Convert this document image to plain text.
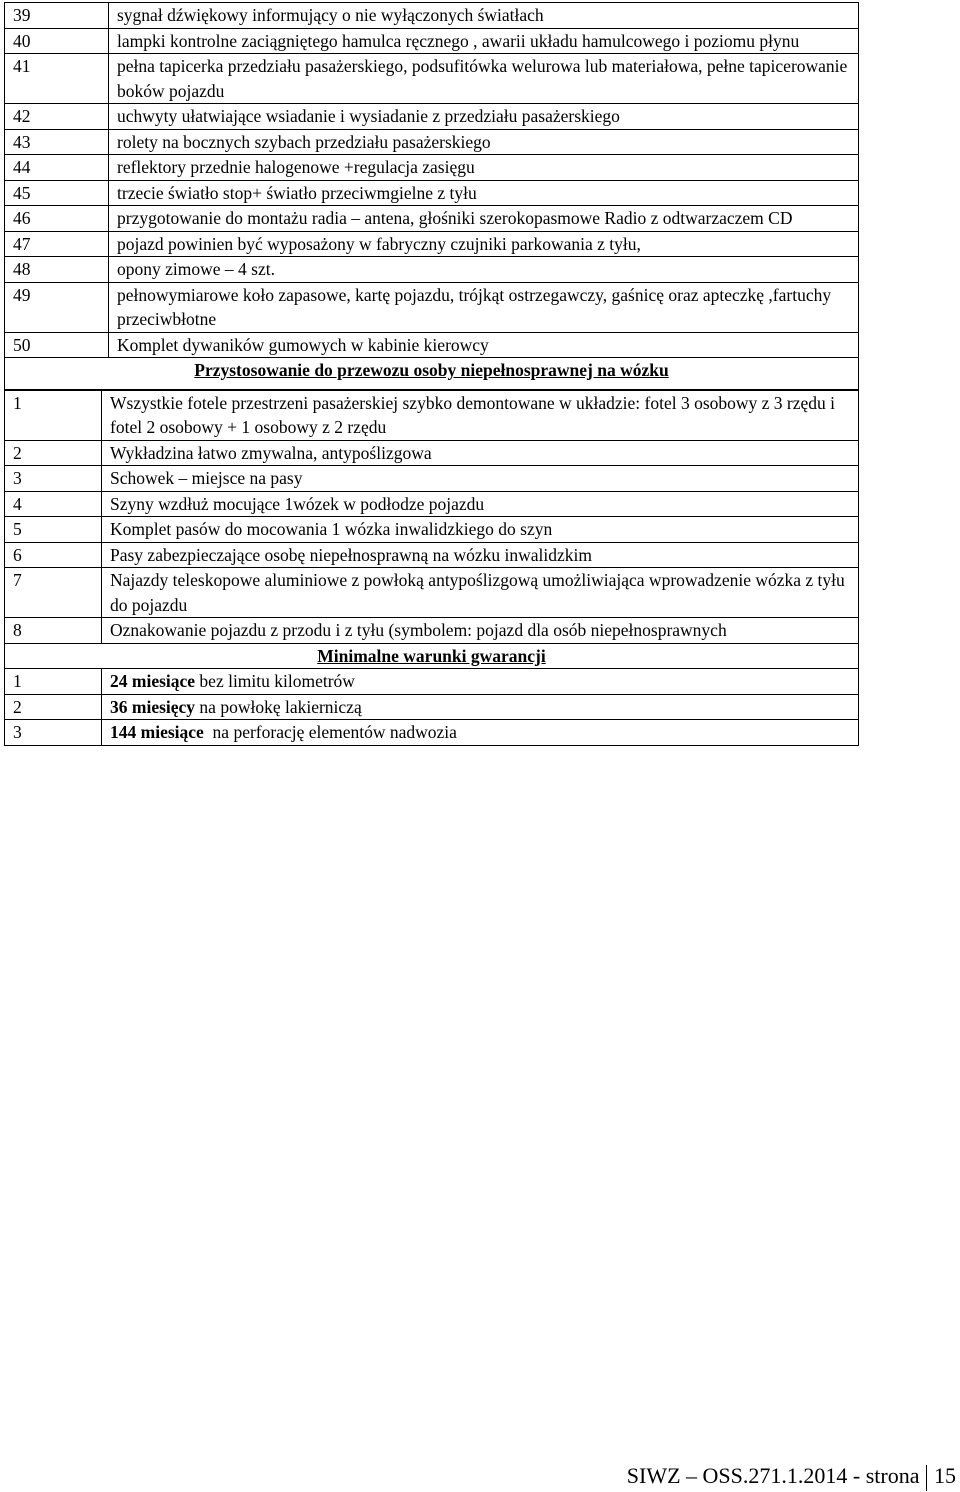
39	sygnał dźwiękowy informujący o nie wyłączonych światłach
40	lampki kontrolne zaciągniętego hamulca ręcznego , awarii układu hamulcowego i poziomu płynu
41	pełna tapicerka przedziału pasażerskiego, podsufitówka welurowa lub materiałowa, pełne tapicerowanie boków pojazdu
42	uchwyty ułatwiające wsiadanie i wysiadanie z przedziału pasażerskiego
43	rolety na bocznych szybach przedziału pasażerskiego
44	reflektory przednie halogenowe +regulacja zasięgu
45	trzecie światło stop+ światło przeciwmgielne z tyłu
46	przygotowanie do montażu radia – antena, głośniki szerokopasmowe Radio z odtwarzaczem CD
47	pojazd powinien być wyposażony w fabryczny czujniki parkowania z tyłu,
48	opony zimowe – 4 szt.
49	pełnowymiarowe koło zapasowe, kartę pojazdu, trójkąt ostrzegawczy, gaśnicę oraz apteczkę ,fartuchy przeciwbłotne
50	Komplet dywaników gumowych w kabinie kierowcy
Przystosowanie do przewozu osoby niepełnosprawnej na wózku	
1	Wszystkie fotele przestrzeni pasażerskiej szybko demontowane w układzie: fotel 3 osobowy z 3 rzędu i fotel 2 osobowy + 1 osobowy z 2 rzędu
2	Wykładzina łatwo zmywalna, antypoślizgowa
3	Schowek – miejsce na pasy
4	Szyny wzdłuż mocujące 1wózek w podłodze pojazdu
5	Komplet pasów do mocowania 1 wózka inwalidzkiego do szyn
6	Pasy zabezpieczające osobę niepełnosprawną na wózku inwalidzkim
7	Najazdy teleskopowe aluminiowe z powłoką antypoślizgową umożliwiająca wprowadzenie wózka z tyłu do pojazdu
8	Oznakowanie pojazdu z przodu i z tyłu (symbolem: pojazd dla osób niepełnosprawnych
Minimalne warunki gwarancji	
1	24 miesiące bez limitu kilometrów
2	36 miesięcy na powłokę lakierniczą
3	144 miesiące  na perforację elementów nadwozia
SIWZ – OSS.271.1.2014 - strona 15
